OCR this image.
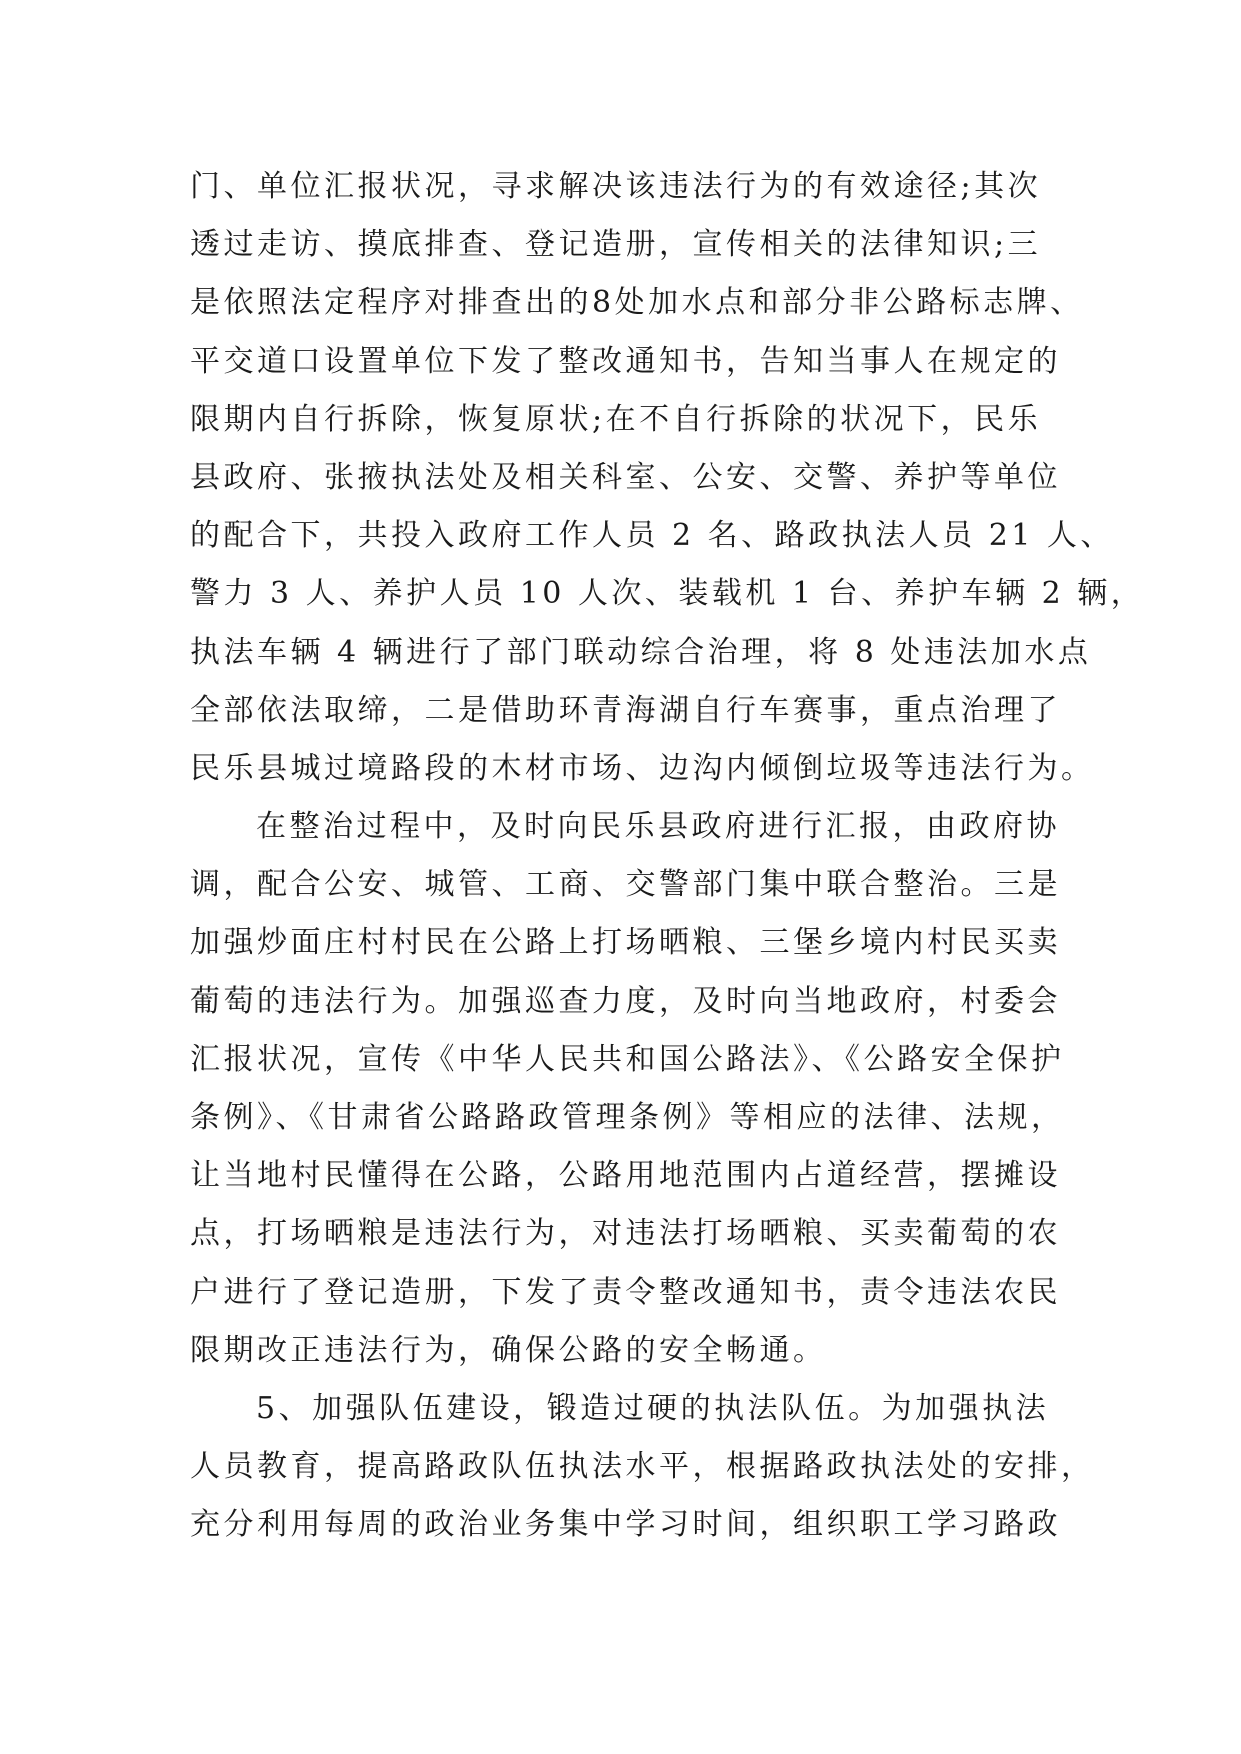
门、单位汇报状况，寻求解决该违法行为的有效途径;其次
透过走访、摸底排查、登记造册，宣传相关的法律知识;三
是依照法定程序对排查出的8处加水点和部分非公路标志牌、
平交道口设置单位下发了整改通知书，告知当事人在规定的
限期内自行拆除，恢复原状;在不自行拆除的状况下，民乐
县政府、张掖执法处及相关科室、公安、交警、养护等单位
的配合下，共投入政府工作人员 2 名、路政执法人员 21 人、
警力 3 人、养护人员 10 人次、装载机 1 台、养护车辆 2 辆，
执法车辆 4 辆进行了部门联动综合治理，将 8 处违法加水点
全部依法取缔，二是借助环青海湖自行车赛事，重点治理了
民乐县城过境路段的木材市场、边沟内倾倒垃圾等违法行为。
在整治过程中，及时向民乐县政府进行汇报，由政府协
调，配合公安、城管、工商、交警部门集中联合整治。三是
加强炒面庄村村民在公路上打场晒粮、三堡乡境内村民买卖
葡萄的违法行为。加强巡查力度，及时向当地政府，村委会
汇报状况，宣传《中华人民共和国公路法》、《公路安全保护
条例》、《甘肃省公路路政管理条例》等相应的法律、法规，
让当地村民懂得在公路，公路用地范围内占道经营，摆摊设
点，打场晒粮是违法行为，对违法打场晒粮、买卖葡萄的农
户进行了登记造册，下发了责令整改通知书，责令违法农民
限期改正违法行为，确保公路的安全畅通。
5、加强队伍建设，锻造过硬的执法队伍。为加强执法
人员教育，提高路政队伍执法水平，根据路政执法处的安排，
充分利用每周的政治业务集中学习时间，组织职工学习路政
